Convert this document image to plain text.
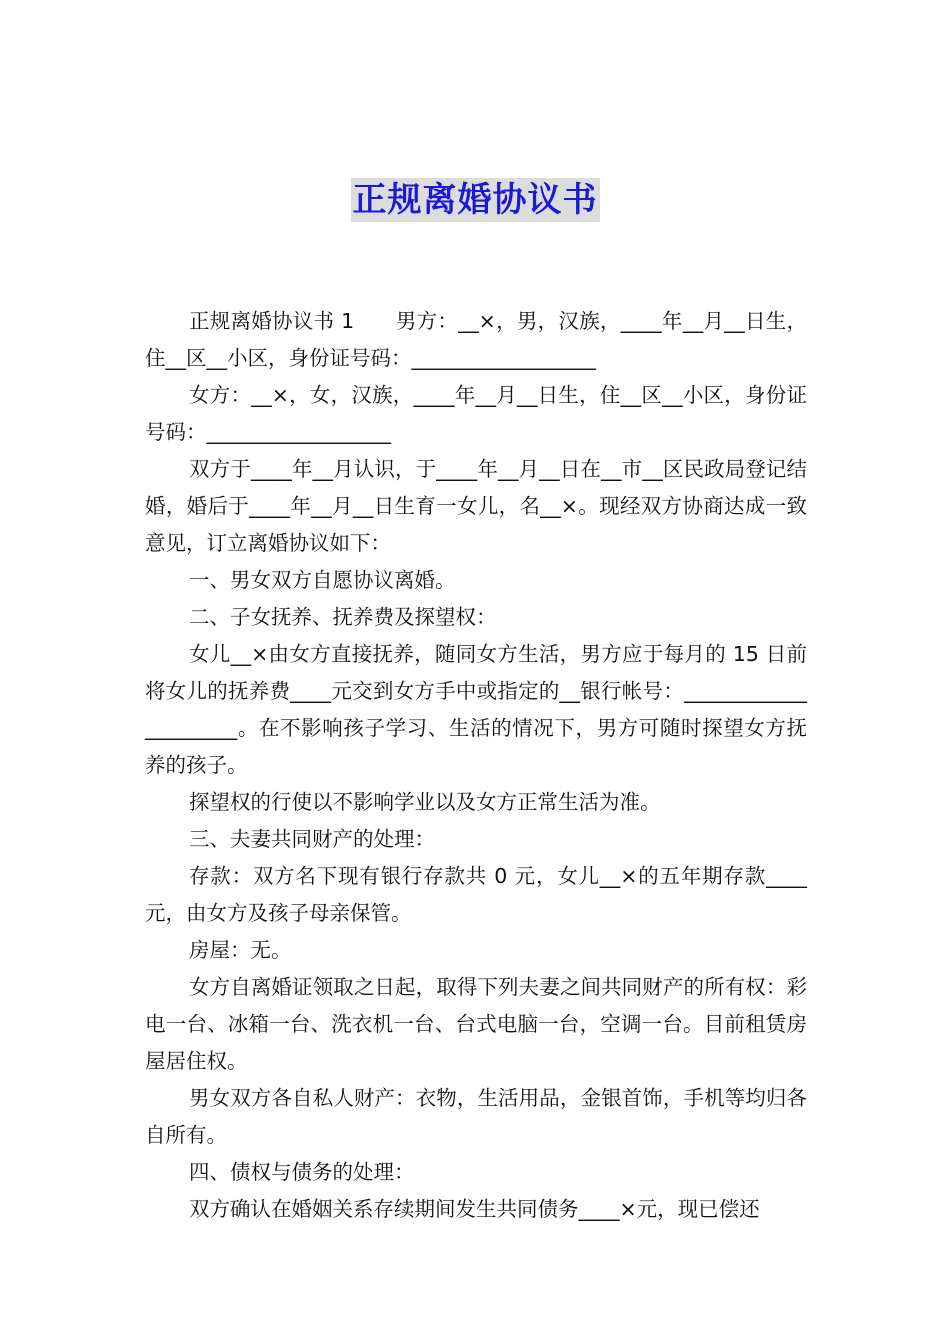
正规离婚协议书

正规离婚协议书 1　　男方：__×，男，汉族，____年__月__日生，住__区__小区，身份证号码：__________________

女方：__×，女，汉族，____年__月__日生，住__区__小区，身份证号码：__________________

双方于____年__月认识，于____年__月__日在__市__区民政局登记结婚，婚后于____年__月__日生育一女儿，名__×。现经双方协商达成一致意见，订立离婚协议如下：

一、男女双方自愿协议离婚。

二、子女抚养、抚养费及探望权：

女儿__×由女方直接抚养，随同女方生活，男方应于每月的 15 日前将女儿的抚养费____元交到女方手中或指定的__银行帐号：_____________________。在不影响孩子学习、生活的情况下，男方可随时探望女方抚养的孩子。

探望权的行使以不影响学业以及女方正常生活为准。

三、夫妻共同财产的处理：

存款：双方名下现有银行存款共 0 元，女儿__×的五年期存款____元，由女方及孩子母亲保管。

房屋：无。

女方自离婚证领取之日起，取得下列夫妻之间共同财产的所有权：彩电一台、冰箱一台、洗衣机一台、台式电脑一台，空调一台。目前租赁房屋居住权。

男女双方各自私人财产：衣物，生活用品，金银首饰，手机等均归各自所有。

四、债权与债务的处理：

双方确认在婚姻关系存续期间发生共同债务____×元，现已偿还
